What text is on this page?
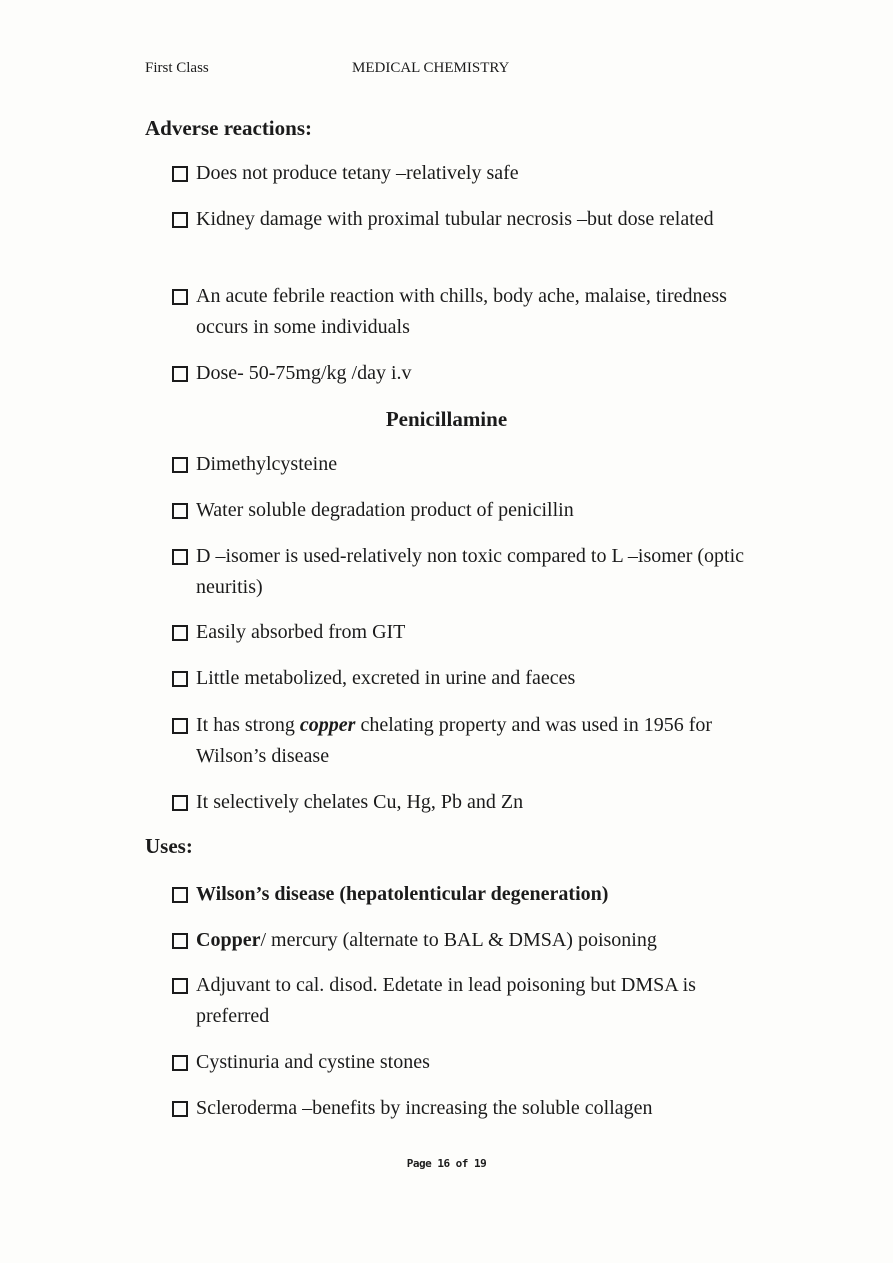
First Class	MEDICAL CHEMISTRY
Adverse reactions:
Does not produce tetany –relatively safe
Kidney damage with proximal tubular necrosis –but dose related
An acute febrile reaction with chills, body ache, malaise, tiredness occurs in some individuals
Dose- 50-75mg/kg /day i.v
Penicillamine
Dimethylcysteine
Water soluble degradation product of penicillin
D –isomer is used-relatively non toxic compared to L –isomer (optic neuritis)
Easily absorbed from GIT
Little metabolized, excreted in urine and faeces
It has strong copper chelating property and was used in 1956 for Wilson’s disease
It selectively chelates Cu, Hg, Pb and Zn
Uses:
Wilson’s disease (hepatolenticular degeneration)
Copper/ mercury (alternate to BAL & DMSA) poisoning
Adjuvant to cal. disod. Edetate in lead poisoning but DMSA is preferred
Cystinuria and cystine stones
Scleroderma –benefits by increasing the soluble collagen
Page 16 of 19
